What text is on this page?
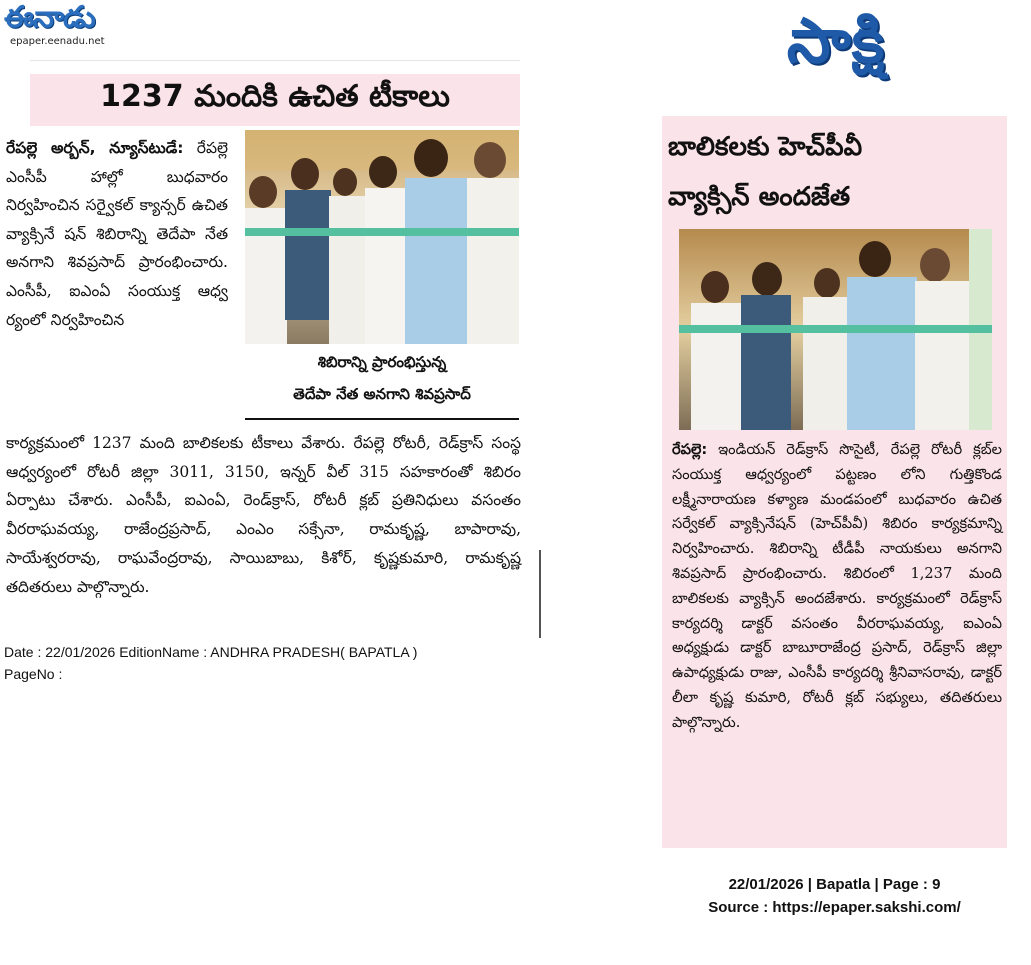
ఈనాడు
epaper.eenadu.net
1237 మందికి ఉచిత టీకాలు
రేపల్లె అర్బన్, న్యూస్‌టుడే: రేపల్లె ఎంసీపీ హాల్లో బుధవారం నిర్వహించిన సర్వైకల్ క్యాన్సర్ ఉచిత వ్యాక్సినే షన్ శిబిరాన్ని తెదేపా నేత అనగాని శివప్రసాద్ ప్రారంభించారు. ఎంసీపీ, ఐఎంఏ సంయుక్త ఆధ్వ ర్యంలో నిర్వహించిన
శిబిరాన్ని ప్రారంభిస్తున్న
తెదేపా నేత అనగాని శివప్రసాద్
కార్యక్రమంలో 1237 మంది బాలికలకు టీకాలు వేశారు. రేపల్లె రోటరీ, రెడ్‌క్రాస్ సంస్థ ఆధ్వర్యంలో రోటరీ జిల్లా 3011, 3150, ఇన్నర్ వీల్ 315 సహకారంతో శిబిరం ఏర్పాటు చేశారు. ఎంసీపీ, ఐఎంఏ, రెండ్‌క్రాస్, రోటరీ క్లబ్ ప్రతినిధులు వసంతం వీరరాఘవయ్య, రాజేంద్రప్రసాద్, ఎంఎం సక్సేనా, రామకృష్ణ, బాపారావు, సాయేశ్వరరావు, రాఘవేంద్రరావు, సాయిబాబు, కిశోర్, కృష్ణకుమారి, రామకృష్ణ తదితరులు పాల్గొన్నారు.
Date : 22/01/2026 EditionName : ANDHRA PRADESH( BAPATLA )
PageNo :
సాక్షి
బాలికలకు హెచ్‌పీవీ
వ్యాక్సిన్ అందజేత
రేపల్లె: ఇండియన్ రెడ్‌క్రాస్ సొసైటీ, రేపల్లె రోటరీ క్లబ్‌ల సంయుక్త ఆధ్వర్యంలో పట్టణం లోని గుత్తికొండ లక్ష్మీనారాయణ కళ్యాణ మండపంలో బుధవారం ఉచిత సర్వేకల్ వ్యాక్సినేషన్ (హెచ్‌పీవీ) శిబిరం కార్యక్రమాన్ని నిర్వహించారు. శిబిరాన్ని టీడీపీ నాయకులు అనగాని శివప్రసాద్ ప్రారంభించారు. శిబిరంలో 1,237 మంది బాలికలకు వ్యాక్సిన్ అందజేశారు. కార్యక్రమంలో రెడ్‌క్రాస్ కార్యదర్శి డాక్టర్ వసంతం వీరరాఘవయ్య, ఐఎంఏ అధ్యక్షుడు డాక్టర్ బాబూరాజేంద్ర ప్రసాద్, రెడ్‌క్రాస్ జిల్లా ఉపాధ్యక్షుడు రాజు, ఎంసీపీ కార్యదర్శి శ్రీనివాసరావు, డాక్టర్ లీలా కృష్ణ కుమారి, రోటరీ క్లబ్ సభ్యులు, తదితరులు పాల్గొన్నారు.
22/01/2026 | Bapatla | Page : 9
Source : https://epaper.sakshi.com/
